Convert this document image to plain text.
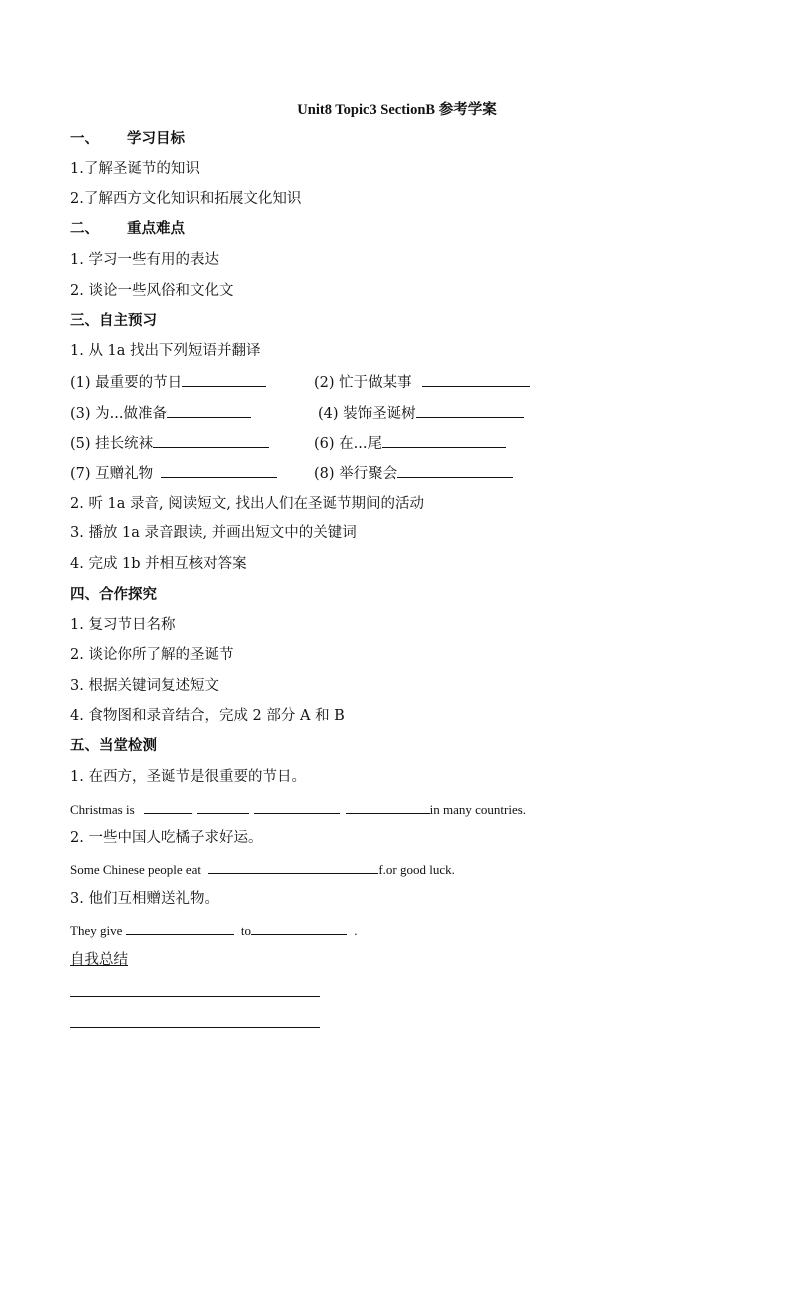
Unit8 Topic3 SectionB 参考学案
一、 学习目标
1.了解圣诞节的知识
2.了解西方文化知识和拓展文化知识
二、 重点难点
1. 学习一些有用的表达
2. 谈论一些风俗和文化文
三、自主预习
1. 从 1a 找出下列短语并翻译
(1) 最重要的节日	(2) 忙于做某事
(3) 为...做准备	(4) 装饰圣诞树
(5) 挂长统袜	(6) 在...尾
(7) 互赠礼物	(8) 举行聚会
2. 听 1a 录音, 阅读短文, 找出人们在圣诞节期间的活动
3. 播放 1a 录音跟读, 并画出短文中的关键词
4. 完成 1b 并相互核对答案
四、合作探究
1. 复习节日名称
2. 谈论你所了解的圣诞节
3. 根据关键词复述短文
4. 食物图和录音结合，完成 2 部分 A 和 B
五、当堂检测
1. 在西方，圣诞节是很重要的节日。
Christmas is	in many countries.
2. 一些中国人吃橘子求好运。
Some Chinese people eat	f.or good luck.
3. 他们互相赠送礼物。
They give	to	.
自我总结
